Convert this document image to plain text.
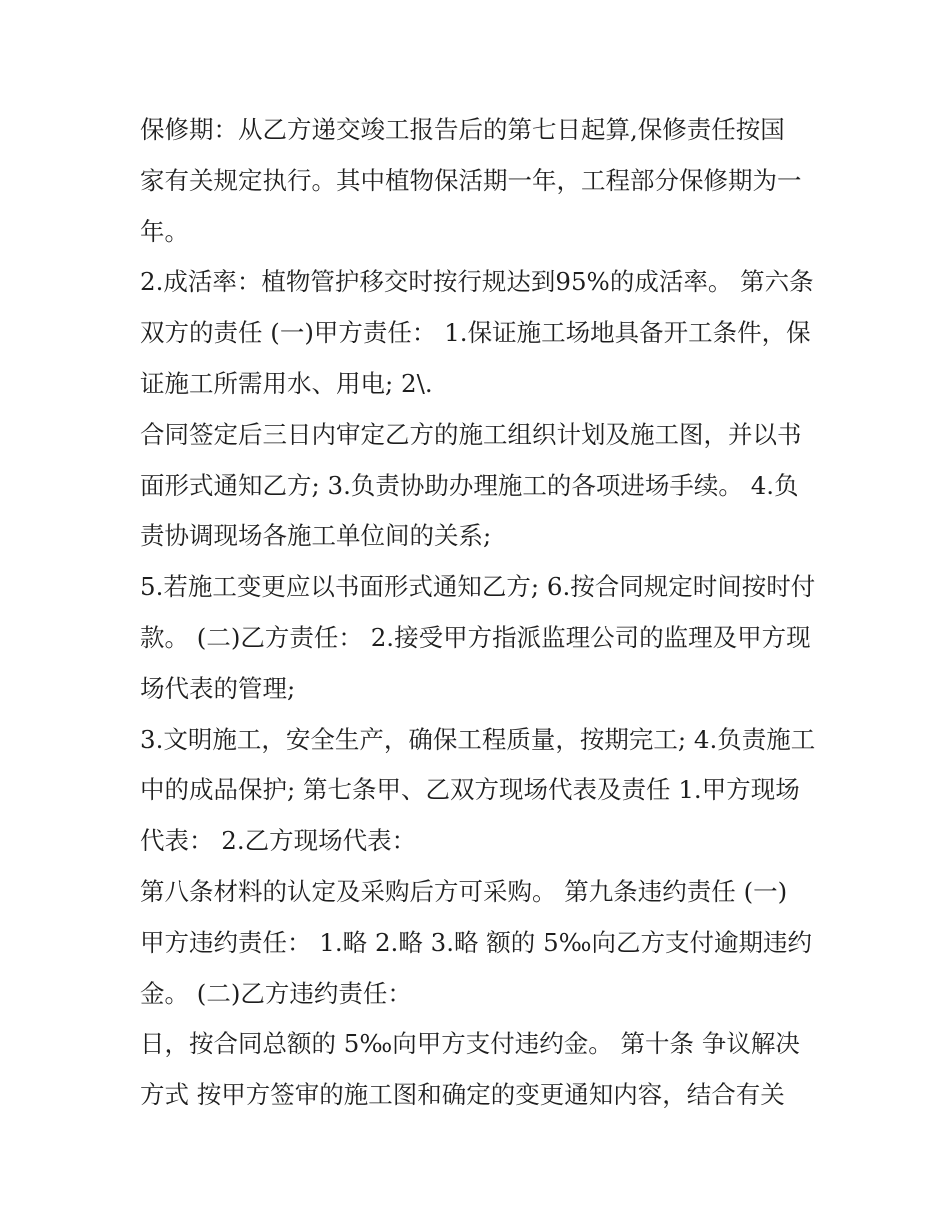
保修期：从乙方递交竣工报告后的第七日起算,保修责任按国
家有关规定执行。其中植物保活期一年，工程部分保修期为一
年。
2.成活率：植物管护移交时按行规达到95%的成活率。 第六条
双方的责任 (一)甲方责任： 1.保证施工场地具备开工条件，保
证施工所需用水、用电; 2\.
合同签定后三日内审定乙方的施工组织计划及施工图，并以书
面形式通知乙方; 3.负责协助办理施工的各项进场手续。 4.负
责协调现场各施工单位间的关系;
5.若施工变更应以书面形式通知乙方; 6.按合同规定时间按时付
款。 (二)乙方责任： 2.接受甲方指派监理公司的监理及甲方现
场代表的管理;
3.文明施工，安全生产，确保工程质量，按期完工; 4.负责施工
中的成品保护; 第七条甲、乙双方现场代表及责任 1.甲方现场
代表： 2.乙方现场代表：
第八条材料的认定及采购后方可采购。 第九条违约责任 (一)
甲方违约责任： 1.略 2.略 3.略 额的 5‰向乙方支付逾期违约
金。 (二)乙方违约责任：
日，按合同总额的 5‰向甲方支付违约金。 第十条 争议解决
方式 按甲方签审的施工图和确定的变更通知内容，结合有关
